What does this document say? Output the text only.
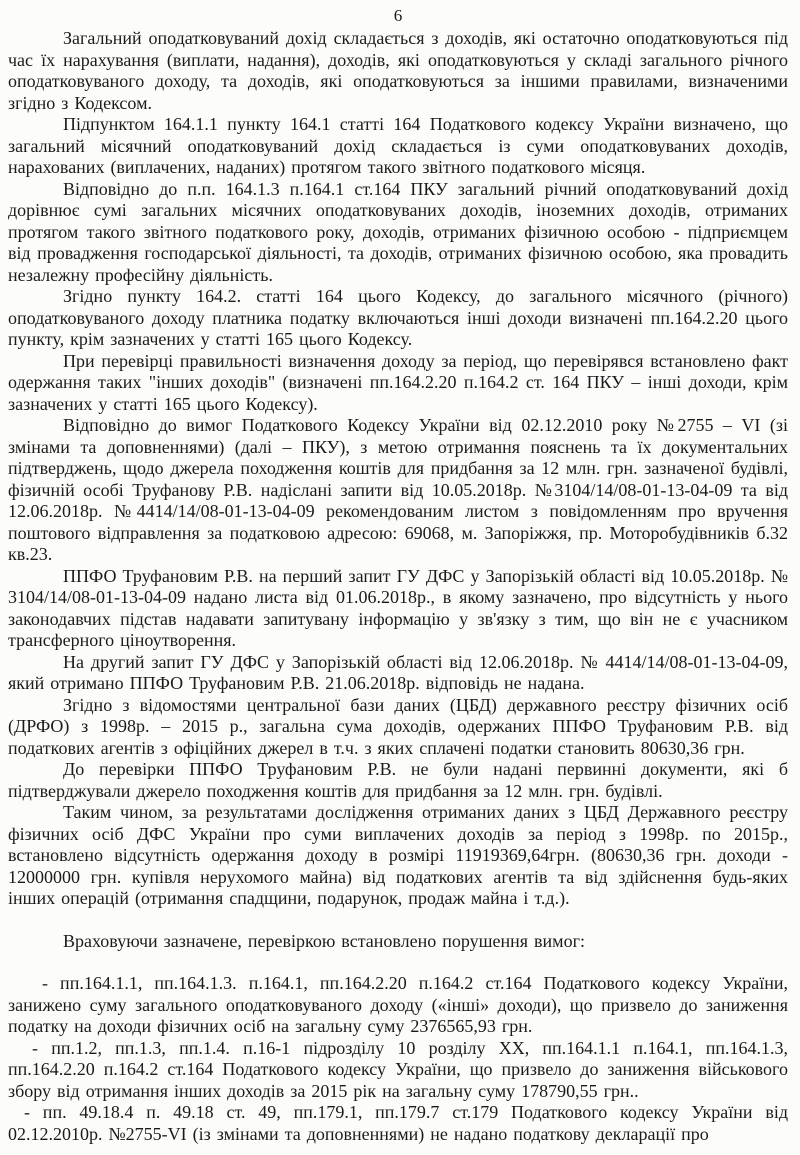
6

Загальний оподатковуваний дохід складається з доходів, які остаточно оподатковуються під час їх нарахування (виплати, надання), доходів, які оподатковуються у складі загального річного оподатковуваного доходу, та доходів, які оподатковуються за іншими правилами, визначеними згідно з Кодексом.

Підпунктом 164.1.1 пункту 164.1 статті 164 Податкового кодексу України визначено, що загальний місячний оподатковуваний дохід складається із суми оподатковуваних доходів, нарахованих (виплачених, наданих) протягом такого звітного податкового місяця.

Відповідно до п.п. 164.1.3 п.164.1 ст.164 ПКУ загальний річний оподатковуваний дохід дорівнює сумі загальних місячних оподатковуваних доходів, іноземних доходів, отриманих протягом такого звітного податкового року, доходів, отриманих фізичною особою - підприємцем від провадження господарської діяльності, та доходів, отриманих фізичною особою, яка провадить незалежну професійну діяльність.

Згідно пункту 164.2. статті 164 цього Кодексу, до загального місячного (річного) оподатковуваного доходу платника податку включаються інші доходи визначені пп.164.2.20 цього пункту, крім зазначених у статті 165 цього Кодексу.

При перевірці правильності визначення доходу за період, що перевірявся встановлено факт одержання таких "інших доходів" (визначені пп.164.2.20 п.164.2 ст. 164 ПКУ – інші доходи, крім зазначених у статті 165 цього Кодексу).

Відповідно до вимог Податкового Кодексу України від 02.12.2010 року №2755 – VI (зі змінами та доповненнями) (далі – ПКУ), з метою отримання пояснень та їх документальних підтверджень, щодо джерела походження коштів для придбання за 12 млн. грн. зазначеної будівлі, фізичній особі Труфанову Р.В. надіслані запити від 10.05.2018р. №3104/14/08-01-13-04-09 та від 12.06.2018р. №4414/14/08-01-13-04-09 рекомендованим листом з повідомленням про вручення поштового відправлення за податковою адресою: 69068, м. Запоріжжя, пр. Моторобудівників б.32 кв.23.

ППФО Труфановим Р.В. на перший запит ГУ ДФС у Запорізькій області від 10.05.2018р. № 3104/14/08-01-13-04-09 надано листа від 01.06.2018р., в якому зазначено, про відсутність у нього законодавчих підстав надавати запитувану інформацію у зв'язку з тим, що він не є учасником трансферного ціноутворення.

На другий запит ГУ ДФС у Запорізькій області від 12.06.2018р. № 4414/14/08-01-13-04-09, який отримано ППФО Труфановим Р.В. 21.06.2018р. відповідь не надана.

Згідно з відомостями центральної бази даних (ЦБД) державного реєстру фізичних осіб (ДРФО) з 1998р. – 2015 р., загальна сума доходів, одержаних ППФО Труфановим Р.В. від податкових агентів з офіційних джерел в т.ч. з яких сплачені податки становить 80630,36 грн.

До перевірки ППФО Труфановим Р.В. не були надані первинні документи, які б підтверджували джерело походження коштів для придбання за 12 млн. грн. будівлі.

Таким чином, за результатами дослідження отриманих даних з ЦБД Державного реєстру фізичних осіб ДФС України про суми виплачених доходів за період з 1998р. по 2015р., встановлено відсутність одержання доходу в розмірі 11919369,64грн. (80630,36 грн. доходи - 12000000 грн. купівля нерухомого майна) від податкових агентів та від здійснення будь-яких інших операцій (отримання спадщини, подарунок, продаж майна і т.д.).

Враховуючи зазначене, перевіркою встановлено порушення вимог:

- пп.164.1.1, пп.164.1.3. п.164.1, пп.164.2.20 п.164.2 ст.164 Податкового кодексу України, занижено суму загального оподатковуваного доходу («інші» доходи), що призвело до заниження податку на доходи фізичних осіб на загальну суму 2376565,93 грн.

- пп.1.2, пп.1.3, пп.1.4. п.16-1 підрозділу 10 розділу ХХ, пп.164.1.1 п.164.1, пп.164.1.3, пп.164.2.20 п.164.2 ст.164 Податкового кодексу України, що призвело до заниження військового збору від отримання інших доходів за 2015 рік на загальну суму 178790,55 грн..

- пп. 49.18.4 п. 49.18 ст. 49, пп.179.1, пп.179.7 ст.179 Податкового кодексу України від 02.12.2010р. №2755-VI (із змінами та доповненнями) не надано податкову декларації про
